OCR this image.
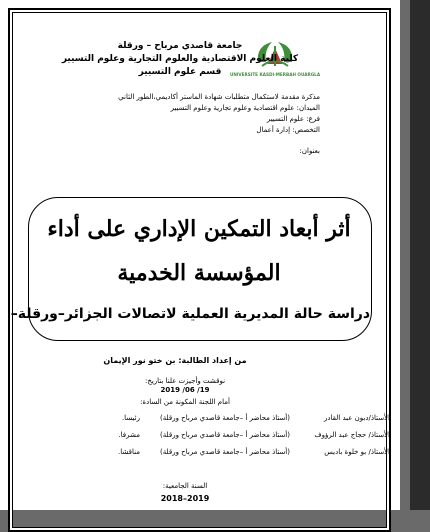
UNIVERSITE KASDI-MERBAH OUARGLA
جامعة قاصدي مرباح – ورقلة
كلية العلوم الاقتصادية والعلوم التجارية وعلوم التسيير
قسم علوم التسيير
مذكرة مقدمة لاستكمال متطلبات شهادة الماستر أكاديمي،الطور الثاني
الميدان: علوم اقتصادية وعلوم تجارية وعلوم التسيير
فرع: علوم التسيير
التخصص: إدارة أعمال
بعنوان:
أثر أبعاد التمكين الإداري على أداء
المؤسسة الخدمية
دراسة حالة المديرية العملية لاتصالات الجزائر–ورقلة–
من إعداد الطالبة: بن ختو نور الإيمان
نوقشت وأجيزت علنا بتاريخ:
19/ 06/ 2019
أمام اللجنة المكونة من السادة:
الأستاذ/دبون عبد القادر
(أستاذ محاضر أ –جامعة قاصدي مرباح ورقلة)
رئيسا.
الأستاذ/ حجاج عبد الرؤوف
(أستاذ محاضر أ –جامعة قاصدي مرباح ورقلة)
مشرفا.
الأستاذ/ بو خلوة باديس
(أستاذ محاضر أ –جامعة قاصدي مرباح ورقلة)
مناقشا.
السنة الجامعية:
2019–2018
